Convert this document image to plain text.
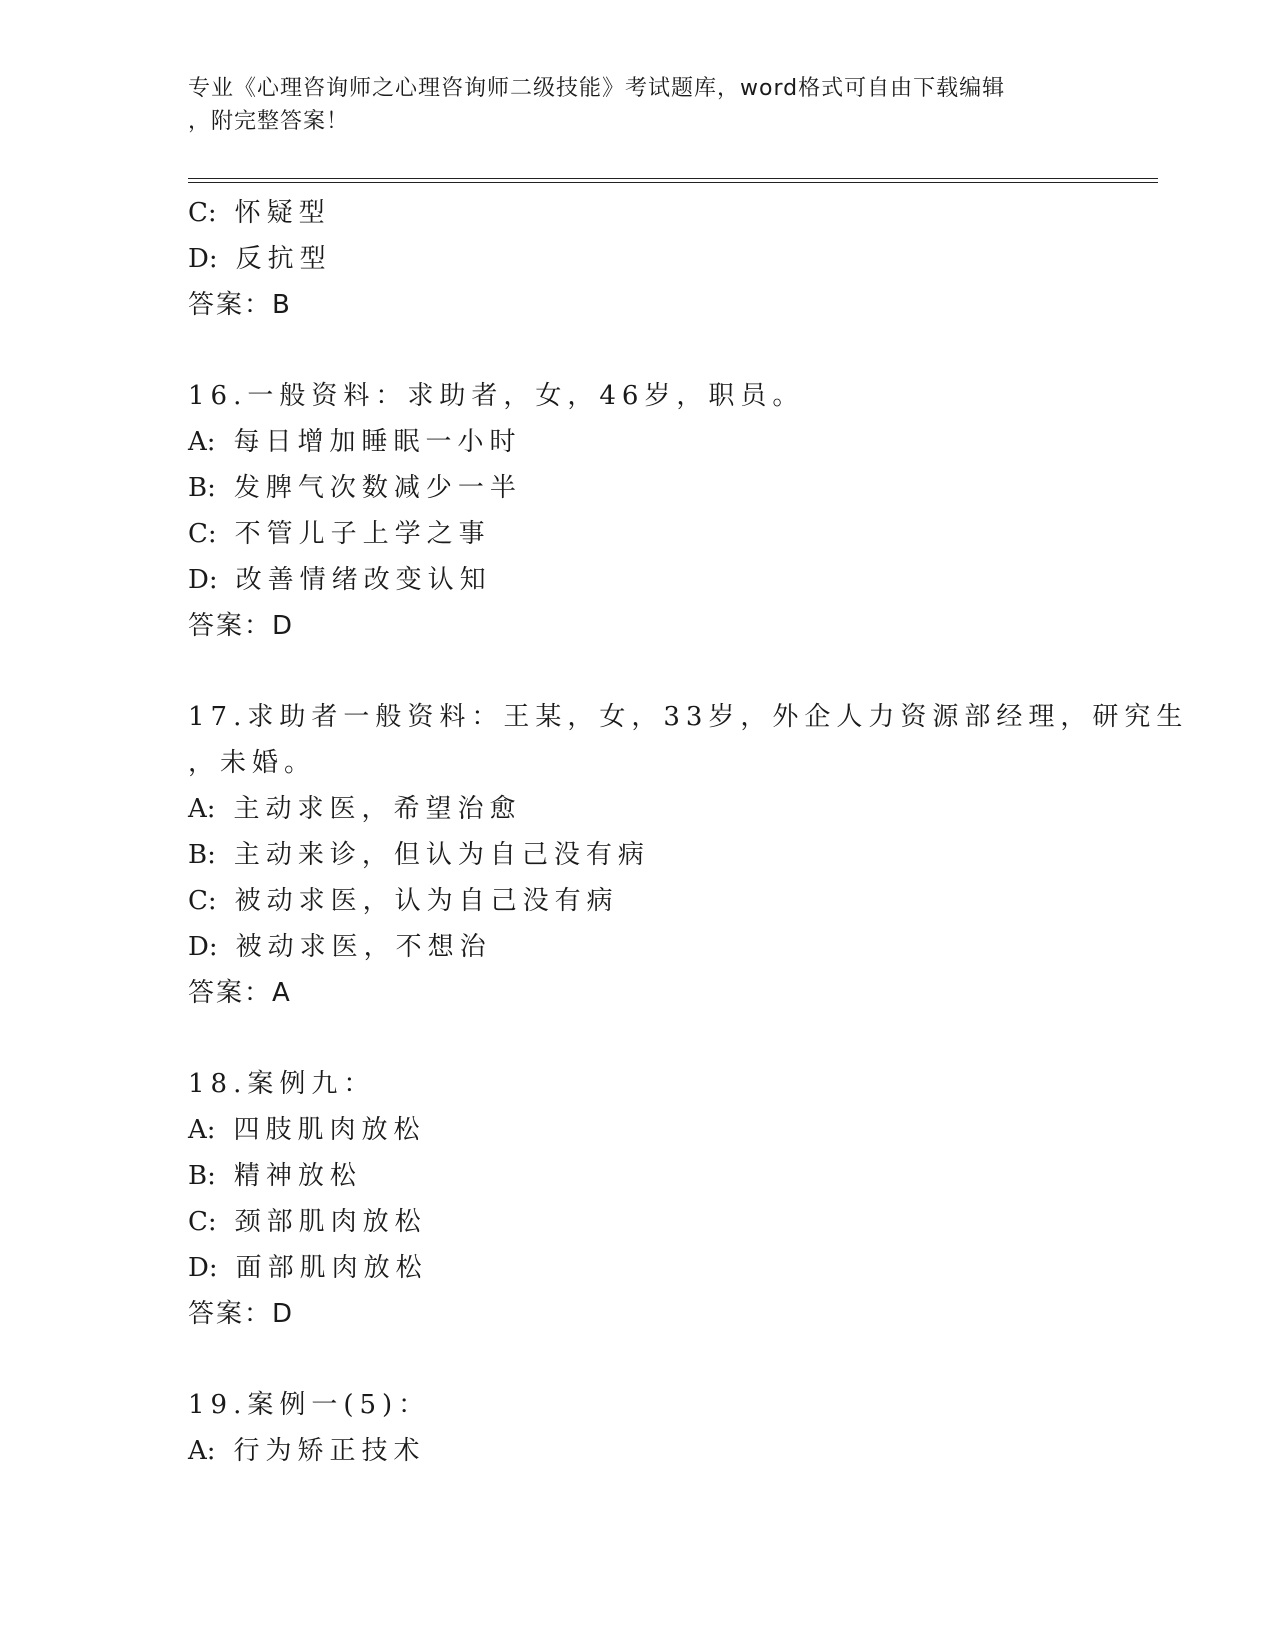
专业《心理咨询师之心理咨询师二级技能》考试题库，word格式可自由下载编辑
，附完整答案！
C: 怀疑型
D: 反抗型
答案：B
16.一般资料：求助者，女，46岁，职员。
A: 每日增加睡眠一小时
B: 发脾气次数减少一半
C: 不管儿子上学之事
D: 改善情绪改变认知
答案：D
17.求助者一般资料：王某，女，33岁，外企人力资源部经理，研究生
，未婚。
A: 主动求医，希望治愈
B: 主动来诊，但认为自己没有病
C: 被动求医，认为自己没有病
D: 被动求医，不想治
答案：A
18.案例九：
A: 四肢肌肉放松
B: 精神放松
C: 颈部肌肉放松
D: 面部肌肉放松
答案：D
19.案例一(5)：
A: 行为矫正技术
